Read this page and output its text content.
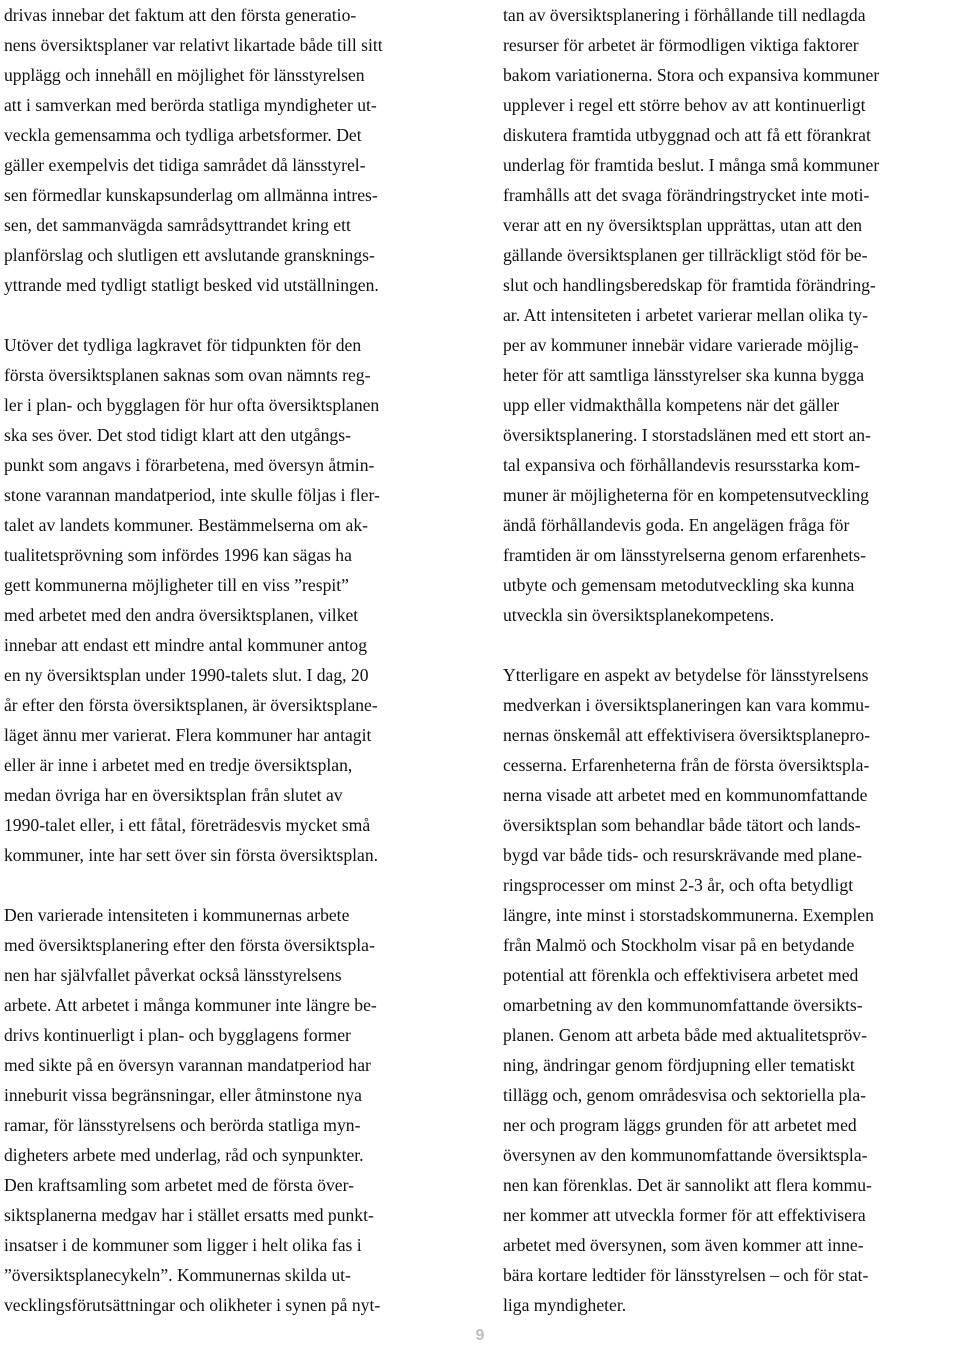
drivas innebar det faktum att den första generatio-
nens översiktsplaner var relativt likartade både till sitt
upplägg och innehåll en möjlighet för länsstyrelsen
att i samverkan med berörda statliga myndigheter ut-
veckla gemensamma och tydliga arbetsformer. Det
gäller exempelvis det tidiga samrådet då länsstyrel-
sen förmedlar kunskapsunderlag om allmänna intres-
sen, det sammanvägda samrådsyttrandet kring ett
planförslag och slutligen ett avslutande gransknings-
yttrande med tydligt statligt besked vid utställningen.
Utöver det tydliga lagkravet för tidpunkten för den
första översiktsplanen saknas som ovan nämnts reg-
ler i plan- och bygglagen för hur ofta översiktsplanen
ska ses över. Det stod tidigt klart att den utgångs-
punkt som angavs i förarbetena, med översyn åtmin-
stone varannan mandatperiod, inte skulle följas i fler-
talet av landets kommuner. Bestämmelserna om ak-
tualitetsprövning som infördes 1996 kan sägas ha
gett kommunerna möjligheter till en viss ”respit”
med arbetet med den andra översiktsplanen, vilket
innebar att endast ett mindre antal kommuner antog
en ny översiktsplan under 1990-talets slut. I dag, 20
år efter den första översiktsplanen, är översiktsplane-
läget ännu mer varierat. Flera kommuner har antagit
eller är inne i arbetet med en tredje översiktsplan,
medan övriga har en översiktsplan från slutet av
1990-talet eller, i ett fåtal, företrädesvis mycket små
kommuner, inte har sett över sin första översiktsplan.
Den varierade intensiteten i kommunernas arbete
med översiktsplanering efter den första översiktspla-
nen har självfallet påverkat också länsstyrelsens
arbete. Att arbetet i många kommuner inte längre be-
drivs kontinuerligt i plan- och bygglagens former
med sikte på en översyn varannan mandatperiod har
inneburit vissa begränsningar, eller åtminstone nya
ramar, för länsstyrelsens och berörda statliga myn-
digheters arbete med underlag, råd och synpunkter.
Den kraftsamling som arbetet med de första över-
siktsplanerna medgav har i stället ersatts med punkt-
insatser i de kommuner som ligger i helt olika fas i
”översiktsplanecykeln”. Kommunernas skilda ut-
vecklingsförutsättningar och olikheter i synen på nyt-
tan av översiktsplanering i förhållande till nedlagda
resurser för arbetet är förmodligen viktiga faktorer
bakom variationerna. Stora och expansiva kommuner
upplever i regel ett större behov av att kontinuerligt
diskutera framtida utbyggnad och att få ett förankrat
underlag för framtida beslut. I många små kommuner
framhålls att det svaga förändringstrycket inte moti-
verar att en ny översiktsplan upprättas, utan att den
gällande översiktsplanen ger tillräckligt stöd för be-
slut och handlingsberedskap för framtida förändring-
ar. Att intensiteten i arbetet varierar mellan olika ty-
per av kommuner innebär vidare varierade möjlig-
heter för att samtliga länsstyrelser ska kunna bygga
upp eller vidmakthålla kompetens när det gäller
översiktsplanering. I storstadslänen med ett stort an-
tal expansiva och förhållandevis resursstarka kom-
muner är möjligheterna för en kompetensutveckling
ändå förhållandevis goda. En angelägen fråga för
framtiden är om länsstyrelserna genom erfarenhets-
utbyte och gemensam metodutveckling ska kunna
utveckla sin översiktsplanekompetens.
Ytterligare en aspekt av betydelse för länsstyrelsens
medverkan i översiktsplaneringen kan vara kommu-
nernas önskemål att effektivisera översiktsplanepro-
cesserna. Erfarenheterna från de första översiktspla-
nerna visade att arbetet med en kommunomfattande
översiktsplan som behandlar både tätort och lands-
bygd var både tids- och resurskrävande med plane-
ringsprocesser om minst 2-3 år, och ofta betydligt
längre, inte minst i storstadskommunerna. Exemplen
från Malmö och Stockholm visar på en betydande
potential att förenkla och effektivisera arbetet med
omarbetning av den kommunomfattande översikts-
planen. Genom att arbeta både med aktualitetspröv-
ning, ändringar genom fördjupning eller tematiskt
tillägg och, genom områdesvisa och sektoriella pla-
ner och program läggs grunden för att arbetet med
översynen av den kommunomfattande översiktspla-
nen kan förenklas. Det är sannolikt att flera kommu-
ner kommer att utveckla former för att effektivisera
arbetet med översynen, som även kommer att inne-
bära kortare ledtider för länsstyrelsen – och för stat-
liga myndigheter.
9
